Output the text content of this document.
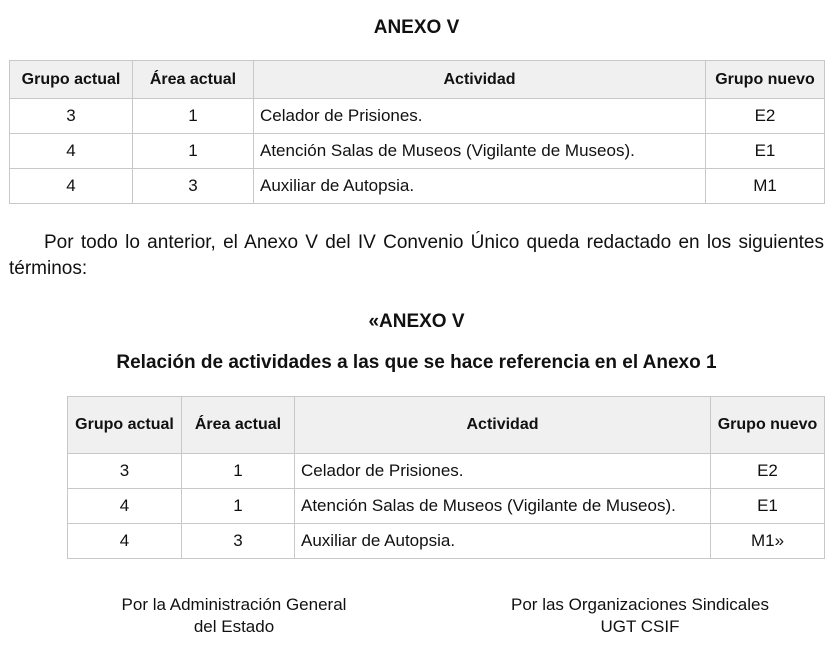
ANEXO V
Grupo actual	Área actual	Actividad	Grupo nuevo
3	1	Celador de Prisiones.	E2
4	1	Atención Salas de Museos (Vigilante de Museos).	E1
4	3	Auxiliar de Autopsia.	M1

Por todo lo anterior, el Anexo V del IV Convenio Único queda redactado en los siguientes términos:

«ANEXO V
Relación de actividades a las que se hace referencia en el Anexo 1
Grupo actual	Área actual	Actividad	Grupo nuevo
3	1	Celador de Prisiones.	E2
4	1	Atención Salas de Museos (Vigilante de Museos).	E1
4	3	Auxiliar de Autopsia.	M1»
Por la Administración General
del Estado
Por las Organizaciones Sindicales
UGT CSIF
